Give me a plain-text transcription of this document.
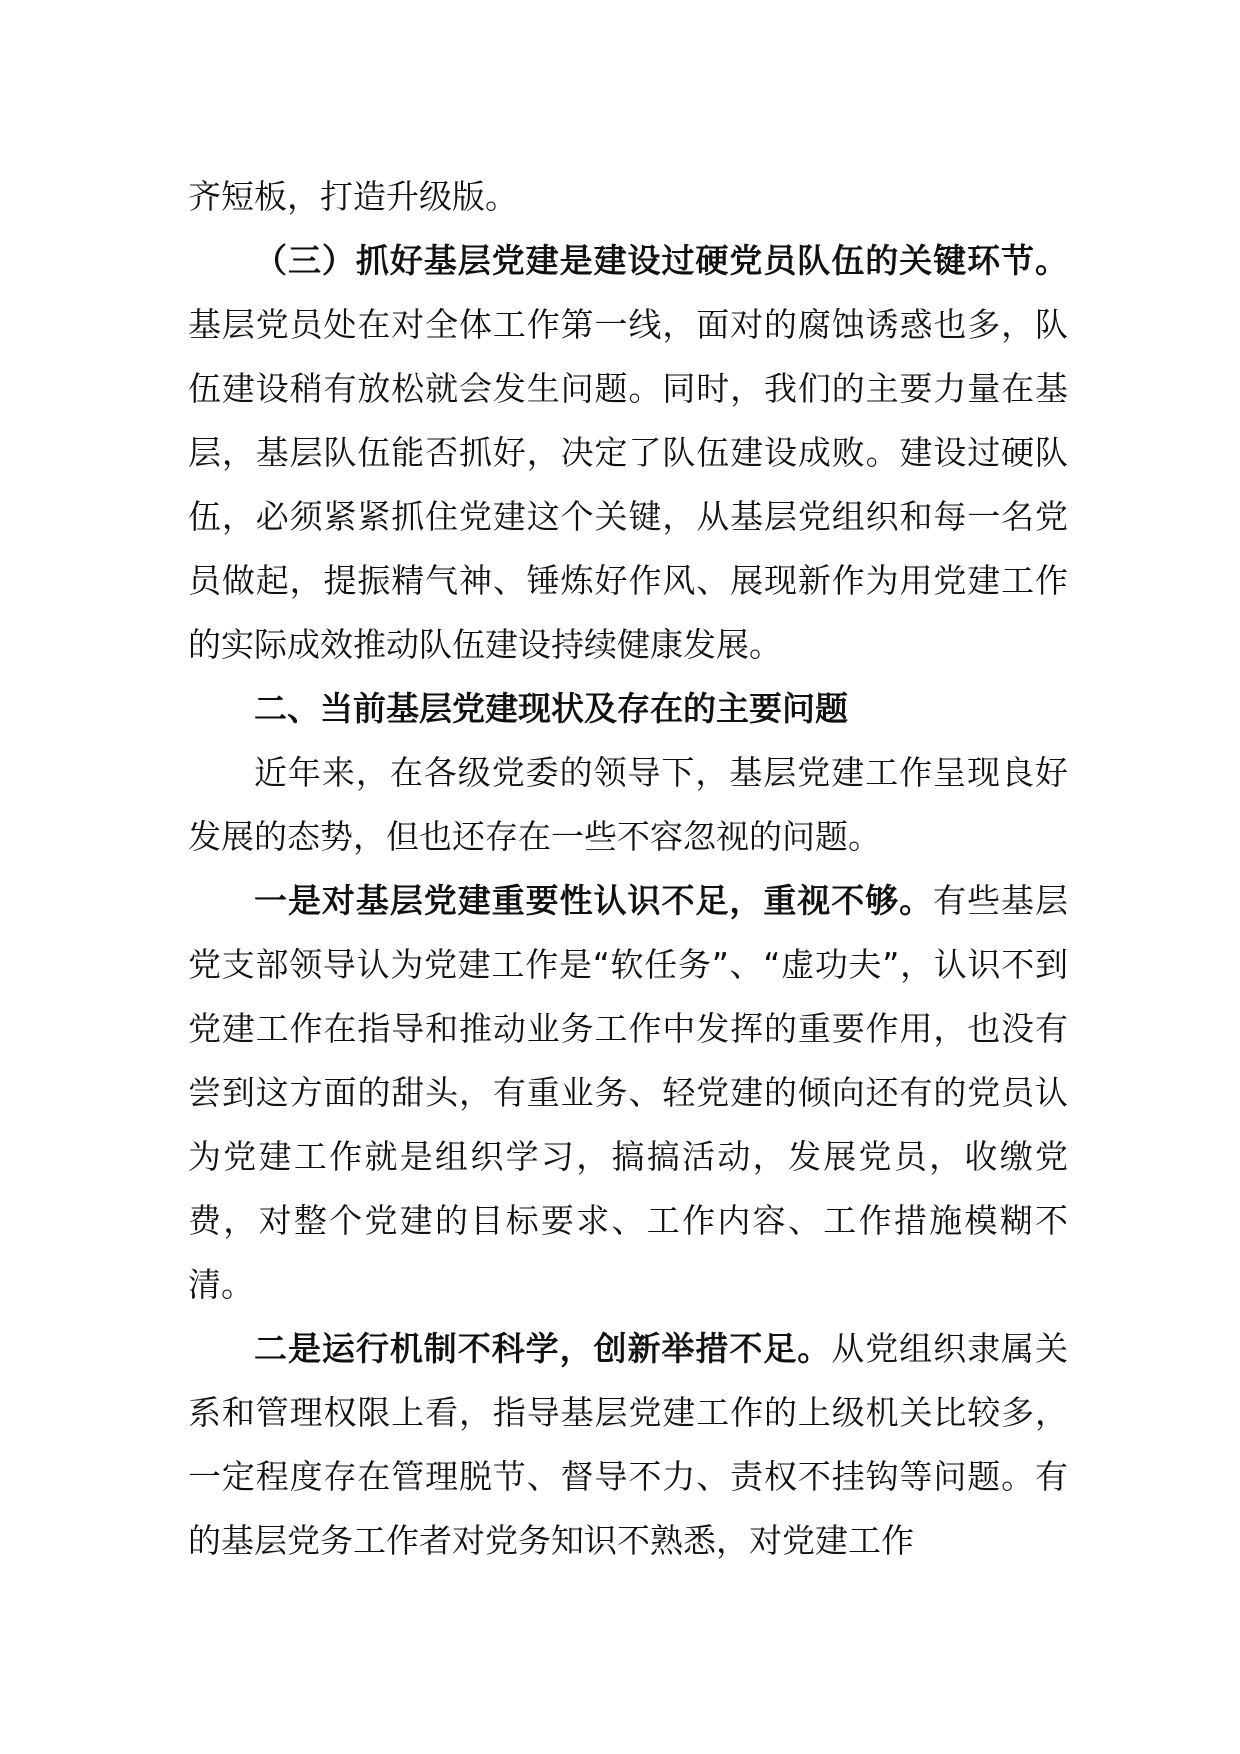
齐短板，打造升级版。

（三）抓好基层党建是建设过硬党员队伍的关键环节。基层党员处在对全体工作第一线，面对的腐蚀诱惑也多，队伍建设稍有放松就会发生问题。同时，我们的主要力量在基层，基层队伍能否抓好，决定了队伍建设成败。建设过硬队伍，必须紧紧抓住党建这个关键，从基层党组织和每一名党员做起，提振精气神、锤炼好作风、展现新作为用党建工作的实际成效推动队伍建设持续健康发展。

二、当前基层党建现状及存在的主要问题

近年来，在各级党委的领导下，基层党建工作呈现良好发展的态势，但也还存在一些不容忽视的问题。

一是对基层党建重要性认识不足，重视不够。有些基层党支部领导认为党建工作是“软任务”、“虚功夫”，认识不到党建工作在指导和推动业务工作中发挥的重要作用，也没有尝到这方面的甜头，有重业务、轻党建的倾向还有的党员认为党建工作就是组织学习，搞搞活动，发展党员，收缴党费，对整个党建的目标要求、工作内容、工作措施模糊不清。

二是运行机制不科学，创新举措不足。从党组织隶属关系和管理权限上看，指导基层党建工作的上级机关比较多，一定程度存在管理脱节、督导不力、责权不挂钩等问题。有的基层党务工作者对党务知识不熟悉，对党建工作
